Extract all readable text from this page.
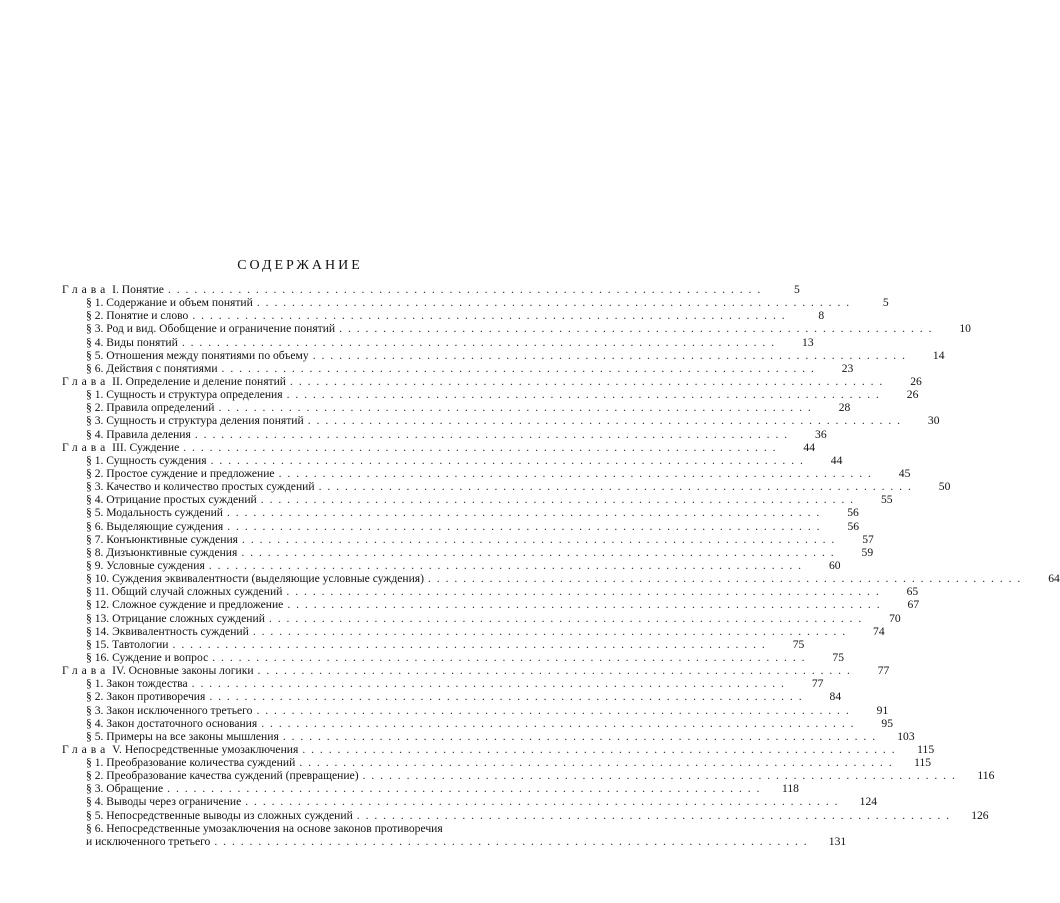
СОДЕРЖАНИЕ
Глава I. Понятие . . .	5
§ 1. Содержание и объем понятий . . .	5
§ 2. Понятие и слово . . .	8
§ 3. Род и вид. Обобщение и ограничение понятий . . .	10
§ 4. Виды понятий . . .	13
§ 5. Отношения между понятиями по объему . . .	14
§ 6. Действия с понятиями . . .	23
Глава II. Определение и деление понятий . . .	26
§ 1. Сущность и структура определения . . .	26
§ 2. Правила определений . . .	28
§ 3. Сущность и структура деления понятий . . .	30
§ 4. Правила деления . . .	36
Глава III. Суждение . . .	44
§ 1. Сущность суждения . . .	44
§ 2. Простое суждение и предложение . . .	45
§ 3. Качество и количество простых суждений . . .	50
§ 4. Отрицание простых суждений . . .	55
§ 5. Модальность суждений . . .	56
§ 6. Выделяющие суждения . . .	56
§ 7. Конъюнктивные суждения . . .	57
§ 8. Дизъюнктивные суждения . . .	59
§ 9. Условные суждения . . .	60
§ 10. Суждения эквивалентности (выделяющие условные суждения) . . .	64
§ 11. Общий случай сложных суждений . . .	65
§ 12. Сложное суждение и предложение . . .	67
§ 13. Отрицание сложных суждений . . .	70
§ 14. Эквивалентность суждений . . .	74
§ 15. Тавтологии . . .	75
§ 16. Суждение и вопрос . . .	75
Глава IV. Основные законы логики . . .	77
§ 1. Закон тождества . . .	77
§ 2. Закон противоречия . . .	84
§ 3. Закон исключенного третьего . . .	91
§ 4. Закон достаточного основания . . .	95
§ 5. Примеры на все законы мышления . . .	103
Глава V. Непосредственные умозаключения . . .	115
§ 1. Преобразование количества суждений . . .	115
§ 2. Преобразование качества суждений (превращение) . . .	116
§ 3. Обращение . . .	118
§ 4. Выводы через ограничение . . .	124
§ 5. Непосредственные выводы из сложных суждений . . .	126
§ 6. Непосредственные умозаключения на основе законов противоречия
и исключенного третьего . . .	131
